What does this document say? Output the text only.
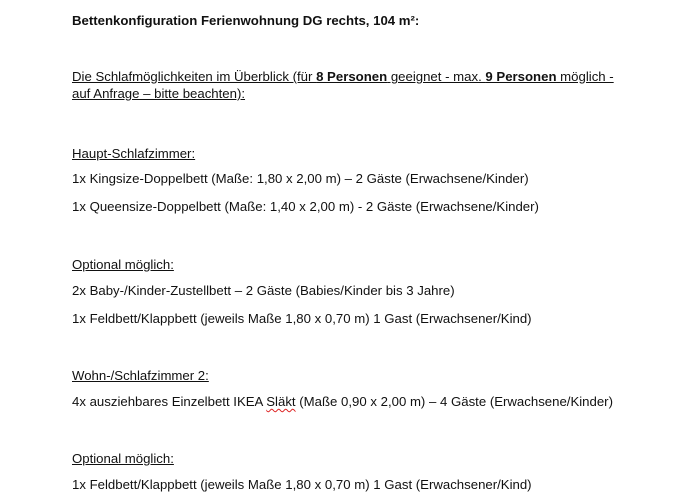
Bettenkonfiguration Ferienwohnung DG rechts, 104 m²:

Die Schlafmöglichkeiten im Überblick (für 8 Personen geeignet - max. 9 Personen möglich - auf Anfrage – bitte beachten):

Haupt-Schlafzimmer:

1x Kingsize-Doppelbett (Maße: 1,80 x 2,00 m) – 2 Gäste (Erwachsene/Kinder)

1x Queensize-Doppelbett (Maße: 1,40 x 2,00 m) - 2 Gäste (Erwachsene/Kinder)

Optional möglich:

2x Baby-/Kinder-Zustellbett – 2 Gäste (Babies/Kinder bis 3 Jahre)

1x Feldbett/Klappbett (jeweils Maße 1,80 x 0,70 m) 1 Gast (Erwachsener/Kind)

Wohn-/Schlafzimmer 2:

4x ausziehbares Einzelbett IKEA Släkt (Maße 0,90 x 2,00 m) – 4 Gäste (Erwachsene/Kinder)

Optional möglich:

1x Feldbett/Klappbett (jeweils Maße 1,80 x 0,70 m) 1 Gast (Erwachsener/Kind)
